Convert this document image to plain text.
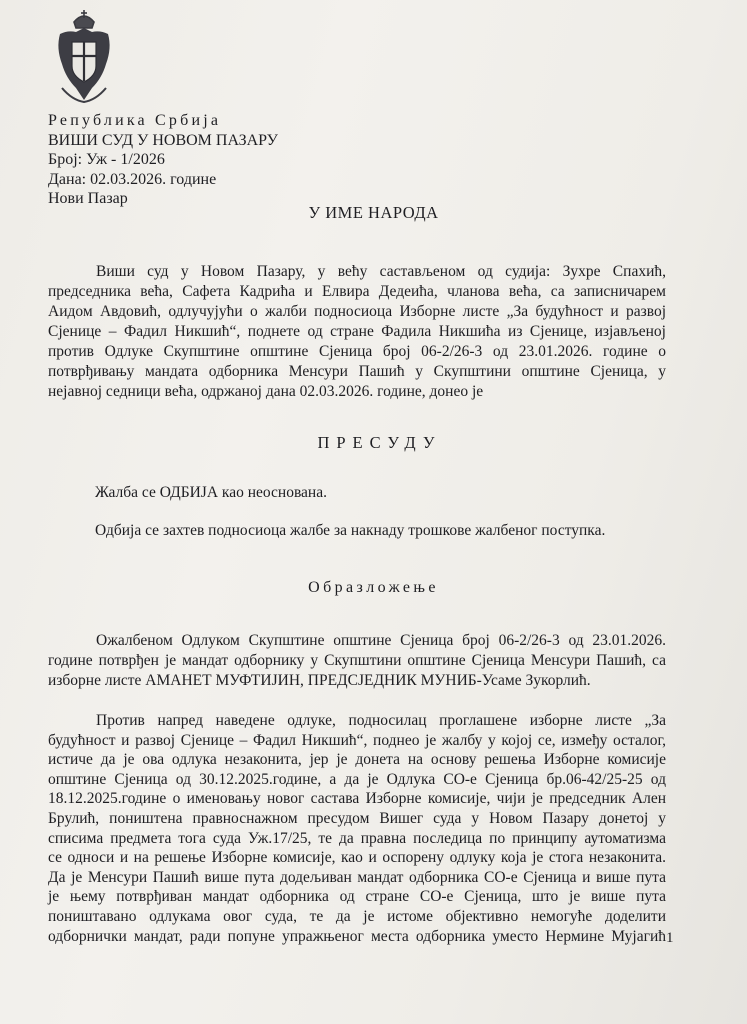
Република Србија
ВИШИ СУД У НОВОМ ПАЗАРУ
Број: Уж - 1/2026
Дана: 02.03.2026. године
Нови Пазар
У ИМЕ НАРОДА
Виши суд у Новом Пазару, у већу састављеном од судија: Зухре Спахић,
председника већа, Сафета Кадрића и Елвира Дедеића, чланова већа, са записничарем
Аидом Авдовић, одлучујући о жалби подносиоца Изборне листе „За будућност и развој
Сјенице – Фадил Никшић“, поднете од стране Фадила Никшића из Сјенице, изјављеној
против Одлуке Скупштине општине Сјеница број 06-2/26-3 од 23.01.2026. године о
потврђивању мандата одборника Менсури Пашић у Скупштини општине Сјеница, у
нејавној седници већа, одржаној дана 02.03.2026. године, донео је
ПРЕСУДУ
Жалба се ОДБИЈА као неоснована.
Одбија се захтев подносиоца жалбе за накнаду трошкове жалбеног поступка.
Образложење
Ожалбеном Одлуком Скупштине општине Сјеница број 06-2/26-3 од 23.01.2026.
године потврђен је мандат одборнику у Скупштини општине Сјеница Менсури Пашић, са
изборне листе АМАНЕТ МУФТИЈИН, ПРЕДСЈЕДНИК МУНИБ-Усаме Зукорлић.
Против напред наведене одлуке, подносилац проглашене изборне листе „За
будућност и развој Сјенице – Фадил Никшић“, поднео је жалбу у којој се, између осталог,
истиче да је ова одлука незаконита, јер је донета на основу решења Изборне комисије
општине Сјеница од 30.12.2025.године, а да је Одлука СО-е Сјеница бр.06-42/25-25 од
18.12.2025.године о именовању новог састава Изборне комисије, чији је председник Ален
Брулић, поништена правноснажном пресудом Вишег суда у Новом Пазару донетој у
списима предмета тога суда Уж.17/25, те да правна последица по принципу аутоматизма
се односи и на решење Изборне комисије, као и оспорену одлуку која је стога незаконита.
Да је Менсури Пашић више пута додељиван мандат одборника СО-е Сјеница и више пута
је њему потврђиван мандат одборника од стране СО-е Сјеница, што је више пута
поништавано одлукама овог суда, те да је истоме објективно немогуће доделити
одборнички мандат, ради попуне упражњеног места одборника уместо Нермине Мујагић 1
